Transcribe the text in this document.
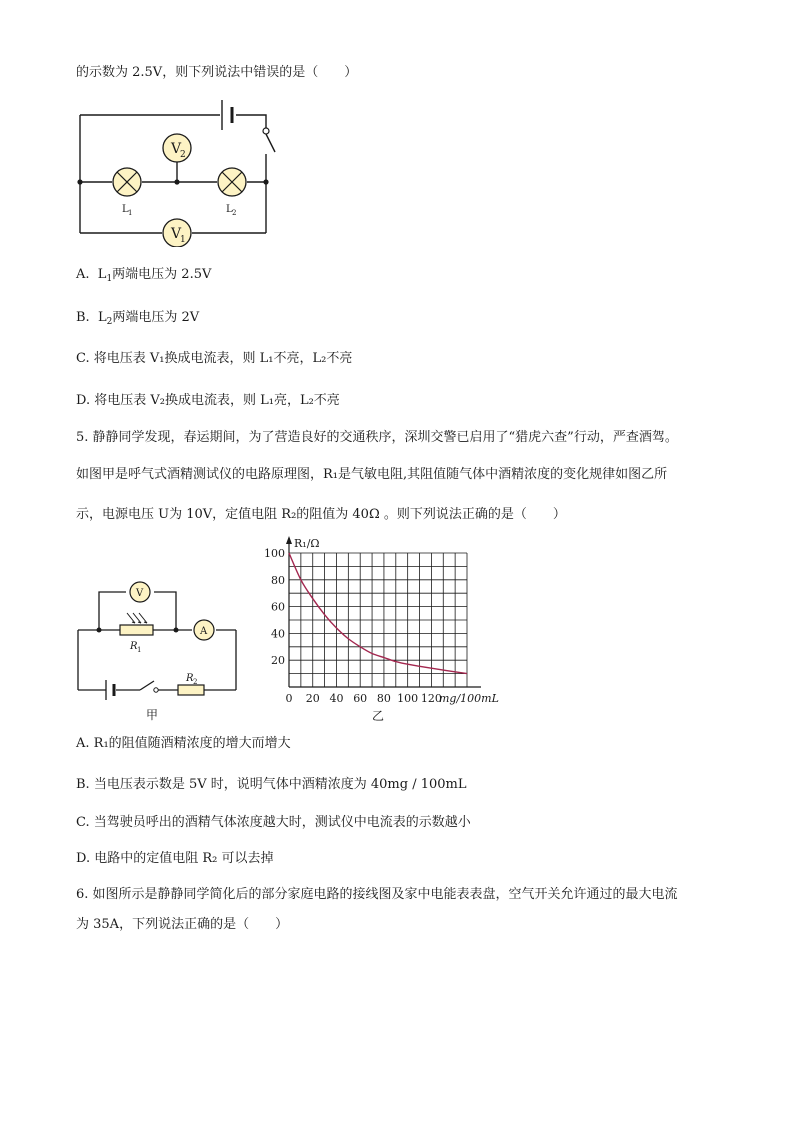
的示数为 2.5V，则下列说法中错误的是（　　）
V
2
L 1	L 2
V
1
A. $L_1$两端电压为 2.5V
B. $L_2$两端电压为 2V
C. 将电压表 V₁换成电流表，则 L₁不亮，L₂不亮
D. 将电压表 V₂换成电流表，则 L₁亮，L₂不亮
5. 静静同学发现，春运期间，为了营造良好的交通秩序，深圳交警已启用了“猎虎六查”行动，严查酒驾。
如图甲是呼气式酒精测试仪的电路原理图，R₁是气敏电阻,其阻值随气体中酒精浓度的变化规律如图乙所
示，电源电压 U为 10V，定值电阻 R₂的阻值为 40Ω 。则下列说法正确的是（　　）
R 1
V
A
R 2
甲
20
40
60
80
100
0 20 40 60 80 100 120
mg/100mL
R₁/Ω
乙
A. R₁的阻值随酒精浓度的增大而增大
B. 当电压表示数是 5V 时，说明气体中酒精浓度为 40mg / 100mL
C. 当驾驶员呼出的酒精气体浓度越大时，测试仪中电流表的示数越小
D. 电路中的定值电阻 R₂ 可以去掉
6. 如图所示是静静同学简化后的部分家庭电路的接线图及家中电能表表盘，空气开关允许通过的最大电流
为 35A，下列说法正确的是（　　）
